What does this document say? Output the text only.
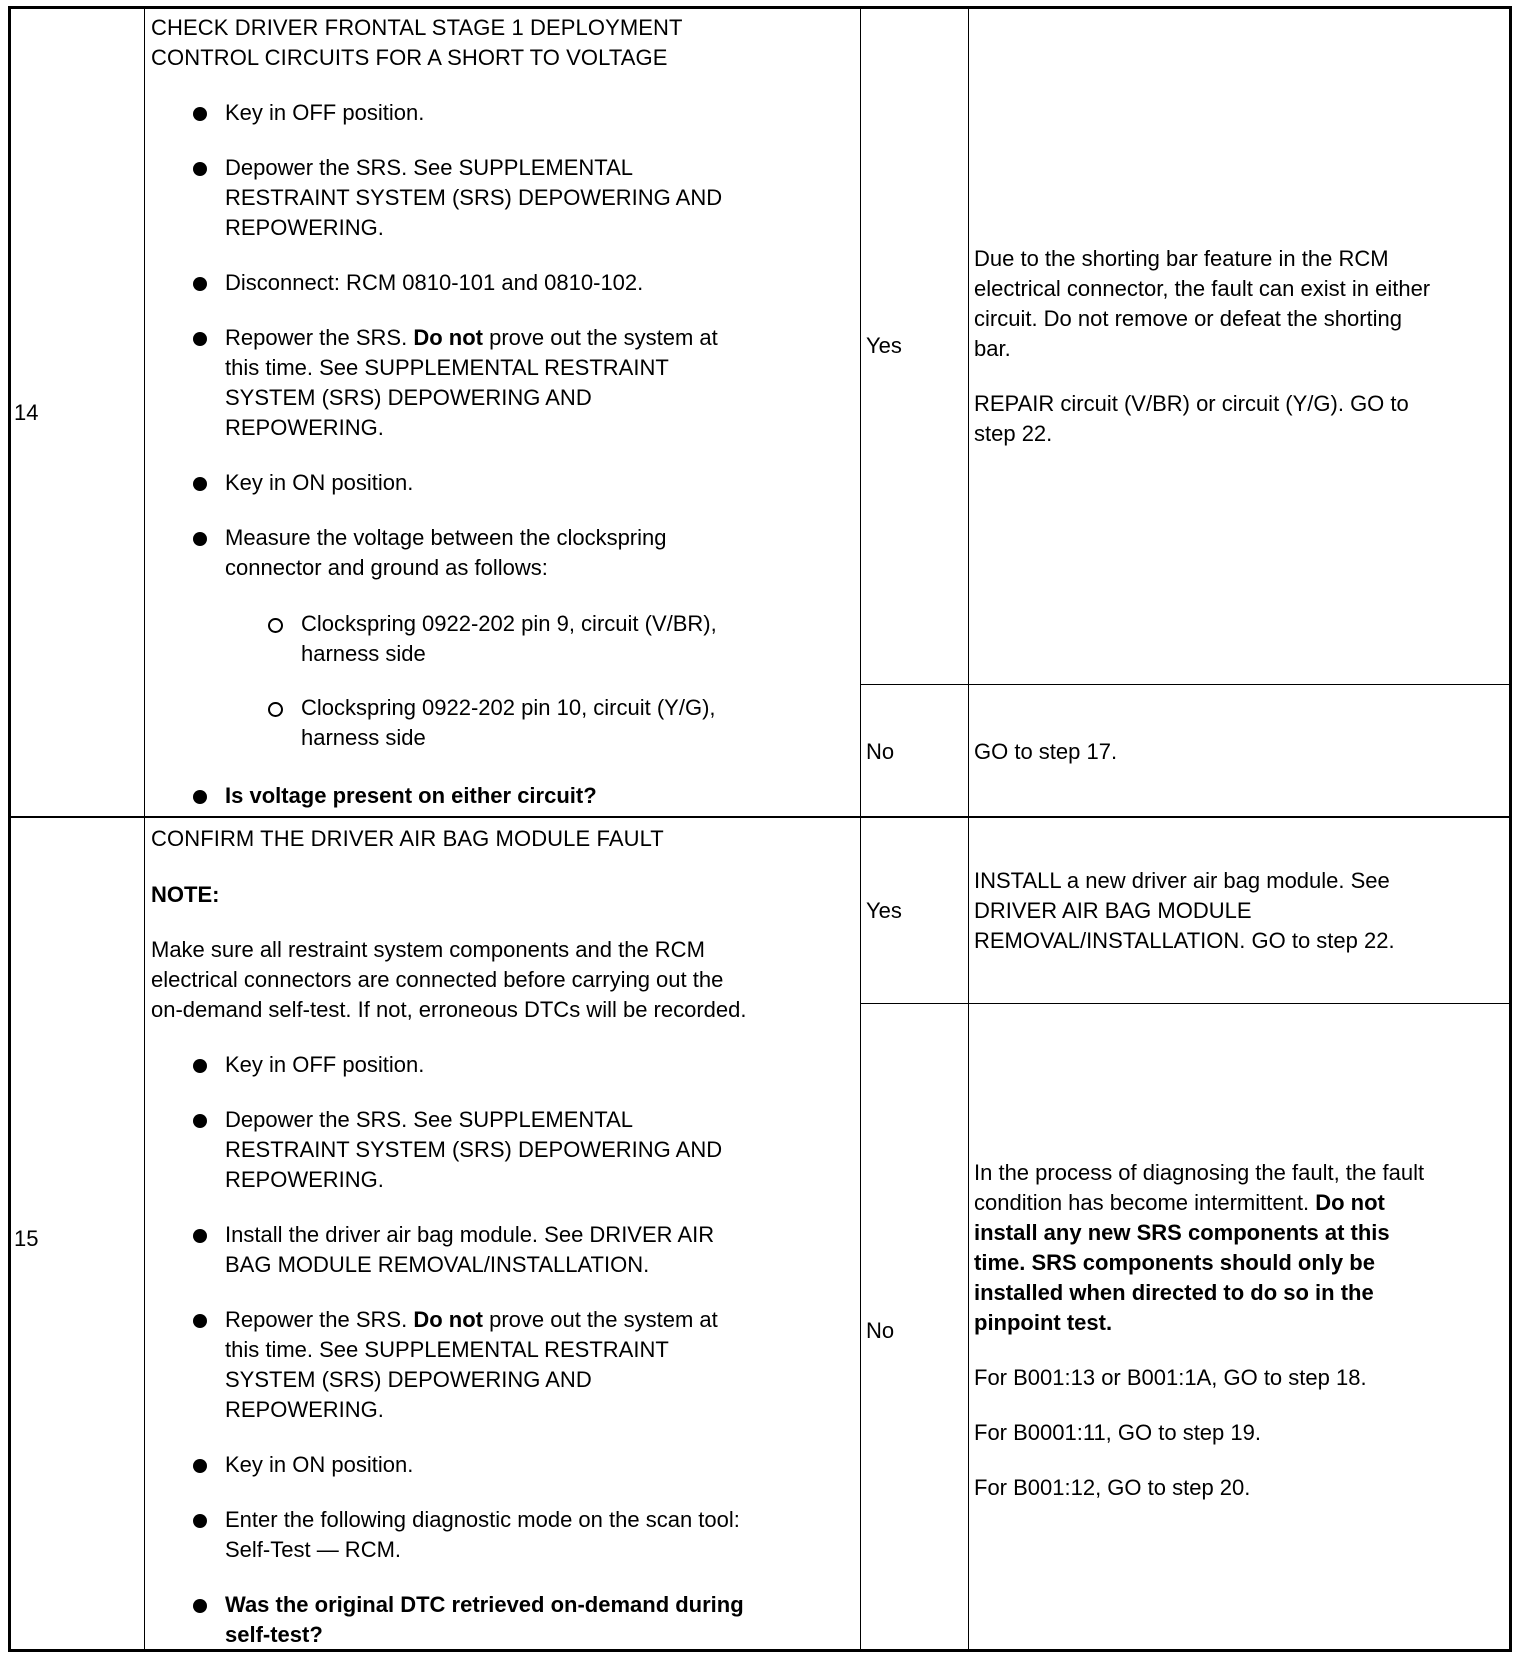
14
CHECK DRIVER FRONTAL STAGE 1 DEPLOYMENT
CONTROL CIRCUITS FOR A SHORT TO VOLTAGE
Key in OFF position.
Depower the SRS. See SUPPLEMENTAL
RESTRAINT SYSTEM (SRS) DEPOWERING AND
REPOWERING.
Disconnect: RCM 0810-101 and 0810-102.
Repower the SRS. Do not prove out the system at
this time. See SUPPLEMENTAL RESTRAINT
SYSTEM (SRS) DEPOWERING AND
REPOWERING.
Key in ON position.
Measure the voltage between the clockspring
connector and ground as follows:
Clockspring 0922-202 pin 9, circuit (V/BR),
harness side
Clockspring 0922-202 pin 10, circuit (Y/G),
harness side
Is voltage present on either circuit?
Yes
Due to the shorting bar feature in the RCM
electrical connector, the fault can exist in either
circuit. Do not remove or defeat the shorting
bar.
REPAIR circuit (V/BR) or circuit (Y/G). GO to
step 22.
No	GO to step 17.
15
CONFIRM THE DRIVER AIR BAG MODULE FAULT
NOTE:
Make sure all restraint system components and the RCM
electrical connectors are connected before carrying out the
on-demand self-test. If not, erroneous DTCs will be recorded.
Key in OFF position.
Depower the SRS. See SUPPLEMENTAL
RESTRAINT SYSTEM (SRS) DEPOWERING AND
REPOWERING.
Install the driver air bag module. See DRIVER AIR
BAG MODULE REMOVAL/INSTALLATION.
Repower the SRS. Do not prove out the system at
this time. See SUPPLEMENTAL RESTRAINT
SYSTEM (SRS) DEPOWERING AND
REPOWERING.
Key in ON position.
Enter the following diagnostic mode on the scan tool:
Self-Test — RCM.
Was the original DTC retrieved on-demand during
self-test?
Yes
INSTALL a new driver air bag module. See
DRIVER AIR BAG MODULE
REMOVAL/INSTALLATION. GO to step 22.
No
In the process of diagnosing the fault, the fault
condition has become intermittent. Do not
install any new SRS components at this
time. SRS components should only be
installed when directed to do so in the
pinpoint test.
For B001:13 or B001:1A, GO to step 18.
For B0001:11, GO to step 19.
For B001:12, GO to step 20.
